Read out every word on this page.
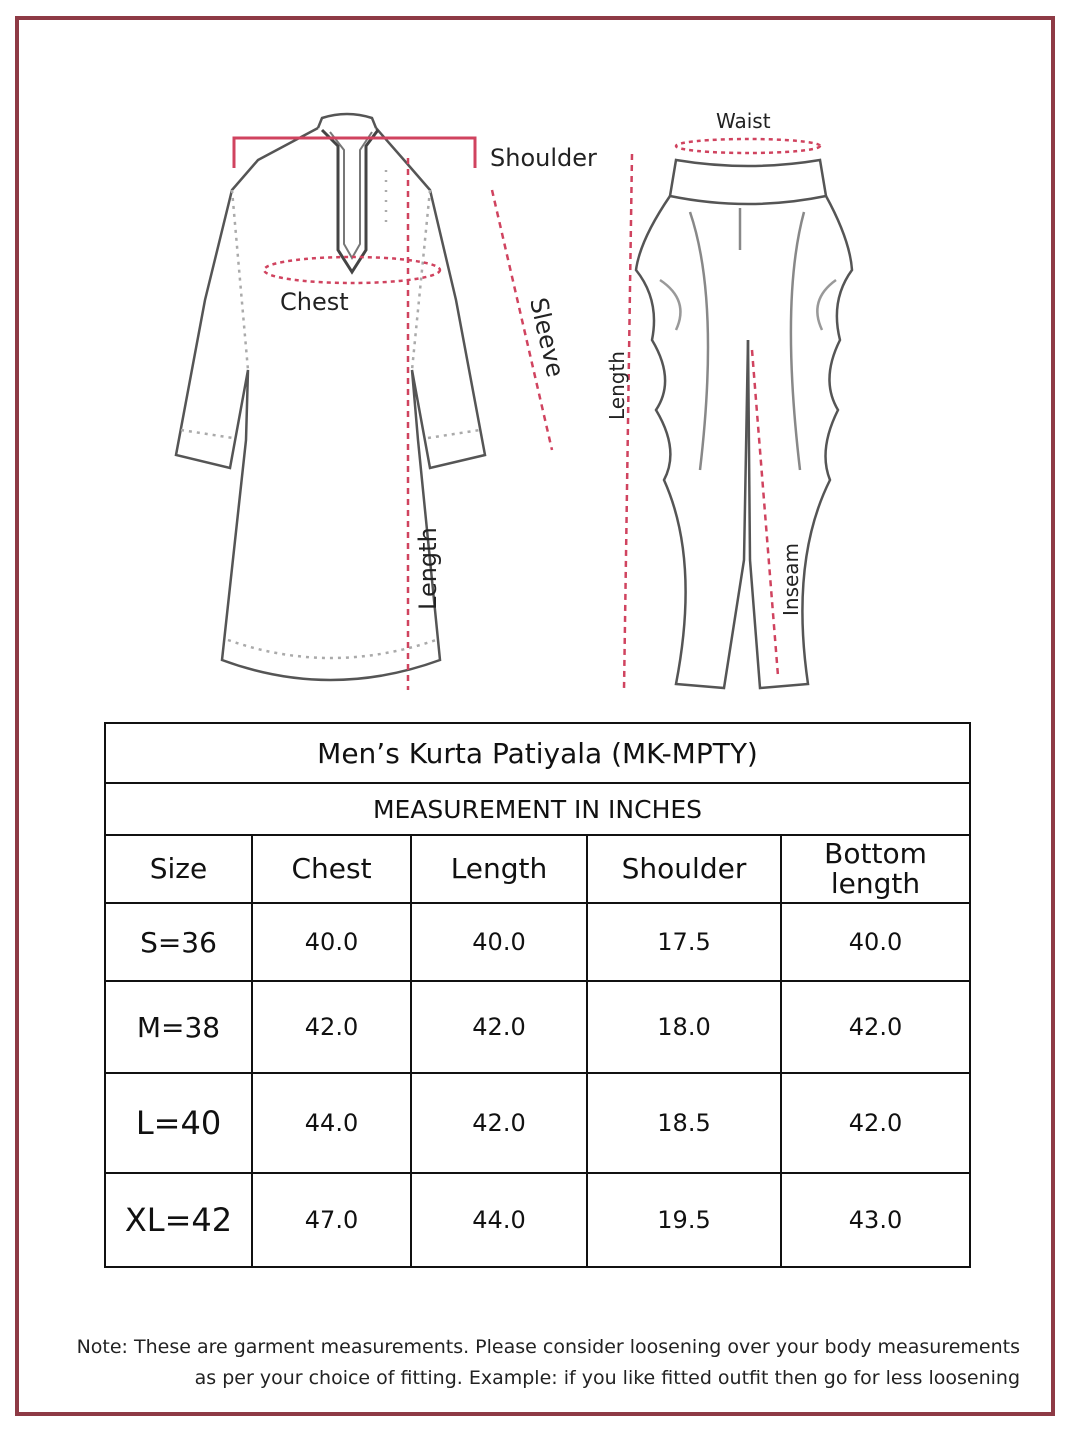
Shoulder
Chest	Sleeve
Length
Waist
Length
Inseam
Men’s Kurta Patiyala (MK-MPTY)				
MEASUREMENT IN INCHES				
Size	Chest	Length	Shoulder	Bottom length
S=36	40.0	40.0	17.5	40.0
M=38	42.0	42.0	18.0	42.0
L=40	44.0	42.0	18.5	42.0
XL=42	47.0	44.0	19.5	43.0
Note: These are garment measurements. Please consider loosening over your body measurements
as per your choice of fitting. Example: if you like fitted outfit then go for less loosening
